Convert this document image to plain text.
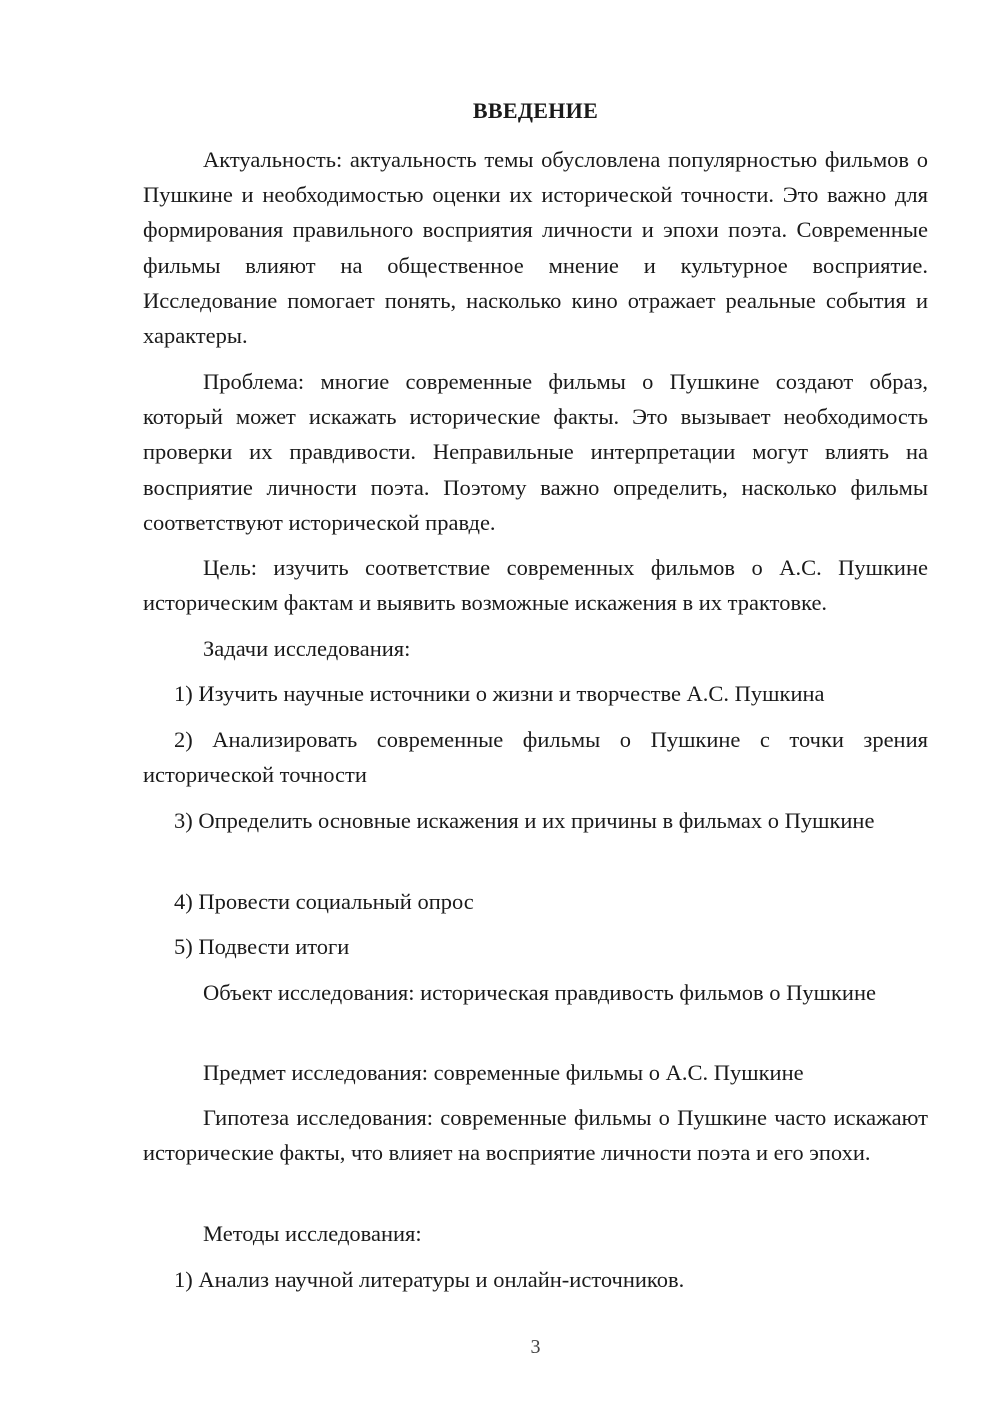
ВВЕДЕНИЕ

Актуальность: актуальность темы обусловлена популярностью фильмов о Пушкине и необходимостью оценки их исторической точности. Это важно для формирования правильного восприятия личности и эпохи поэта. Современные фильмы влияют на общественное мнение и культурное восприятие. Исследование помогает понять, насколько кино отражает реальные события и характеры.

Проблема: многие современные фильмы о Пушкине создают образ, который может искажать исторические факты. Это вызывает необходимость проверки их правдивости. Неправильные интерпретации могут влиять на восприятие личности поэта. Поэтому важно определить, насколько фильмы соответствуют исторической правде.

Цель: изучить соответствие современных фильмов о А.С. Пушкине историческим фактам и выявить возможные искажения в их трактовке.

Задачи исследования:

1) Изучить научные источники о жизни и творчестве А.С. Пушкина

2) Анализировать современные фильмы о Пушкине с точки зрения исторической точности

3) Определить основные искажения и их причины в фильмах о Пушкине

4) Провести социальный опрос

5) Подвести итоги

Объект исследования: историческая правдивость фильмов о Пушкине

Предмет исследования: современные фильмы о А.С. Пушкине

Гипотеза исследования: современные фильмы о Пушкине часто искажают исторические факты, что влияет на восприятие личности поэта и его эпохи.

Методы исследования:

1) Анализ научной литературы и онлайн-источников.

3
